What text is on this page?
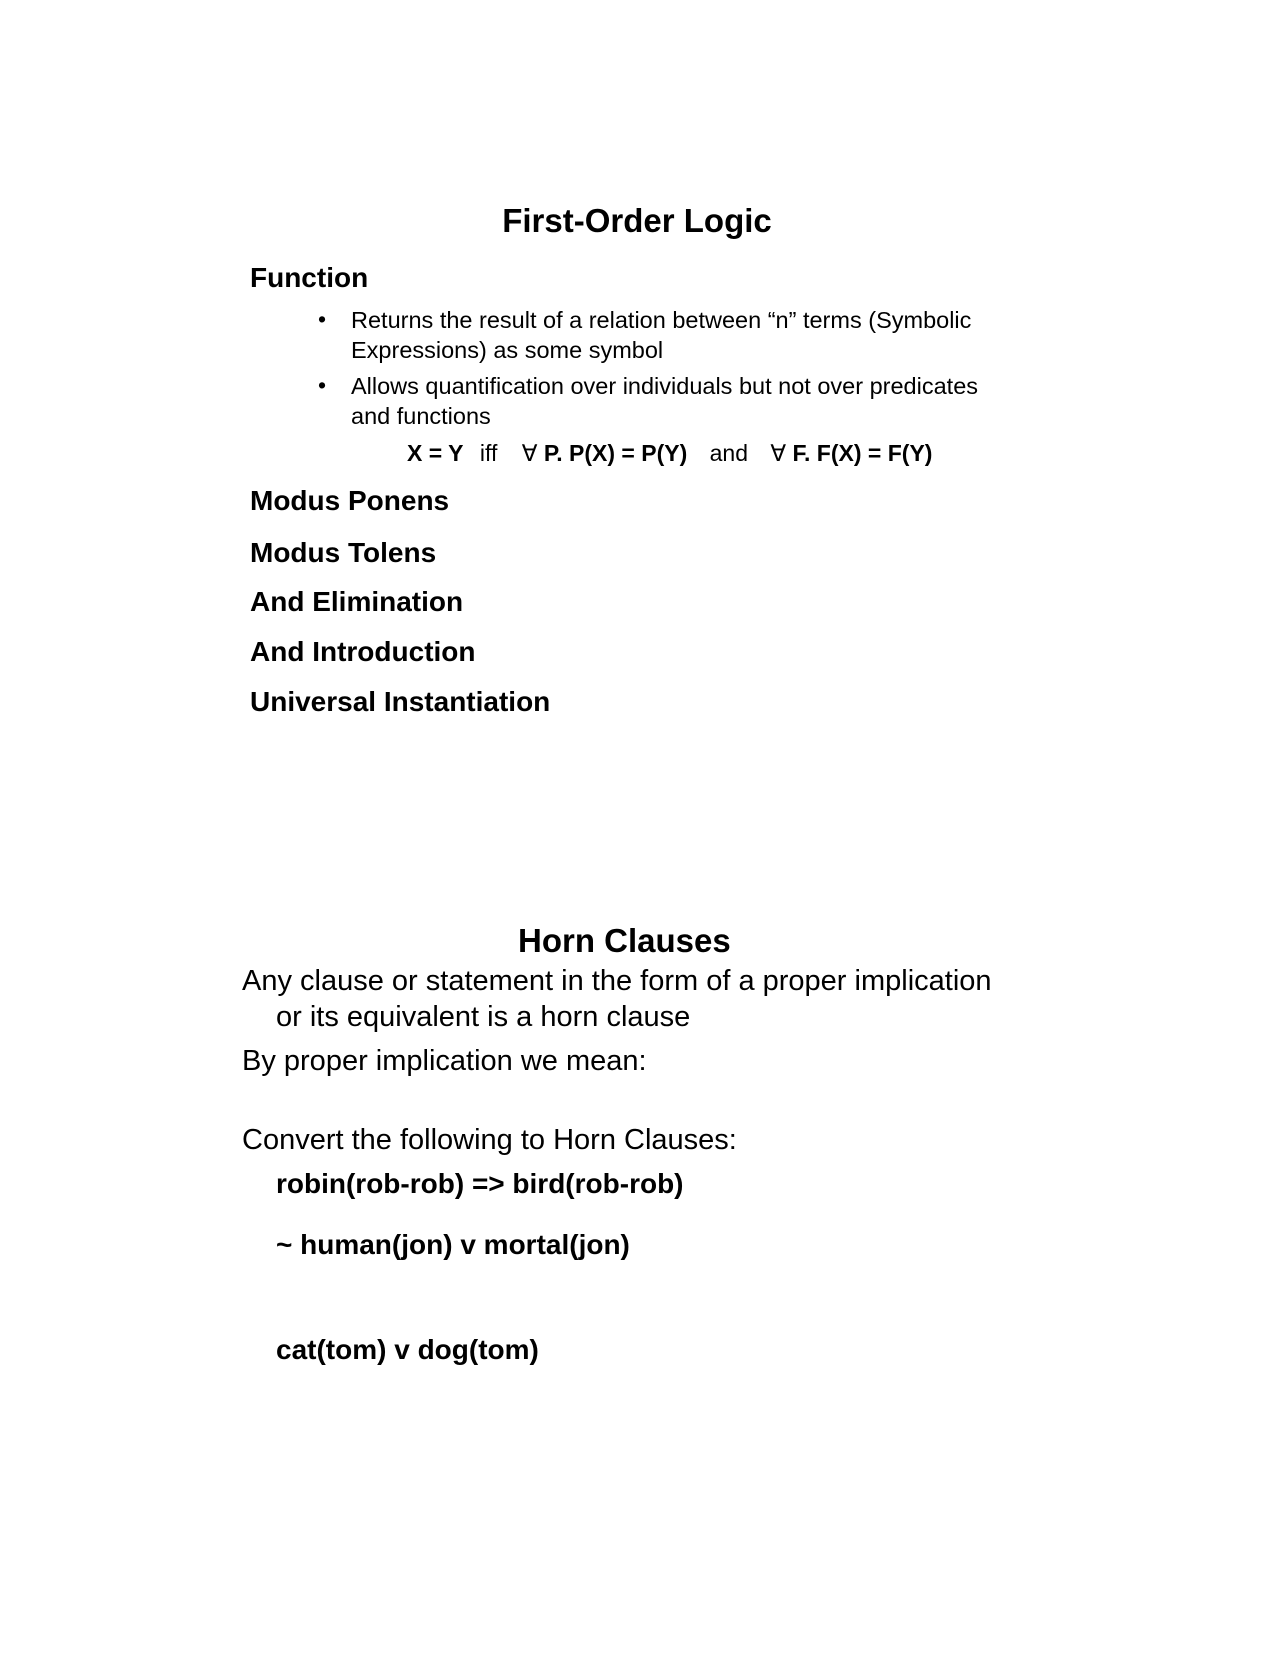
First-Order Logic
Function
• Returns the result of a relation between “n” terms (Symbolic
Expressions) as some symbol
• Allows quantification over individuals but not over predicates
and functions
X = Y iff ∀ P. P(X) = P(Y) and ∀ F. F(X) = F(Y)
Modus Ponens
Modus Tolens
And Elimination
And Introduction
Universal Instantiation
Horn Clauses
Any clause or statement in the form of a proper implication
or its equivalent is a horn clause
By proper implication we mean:
Convert the following to Horn Clauses:
robin(rob-rob) => bird(rob-rob)
~ human(jon) v mortal(jon)
cat(tom) v dog(tom)
